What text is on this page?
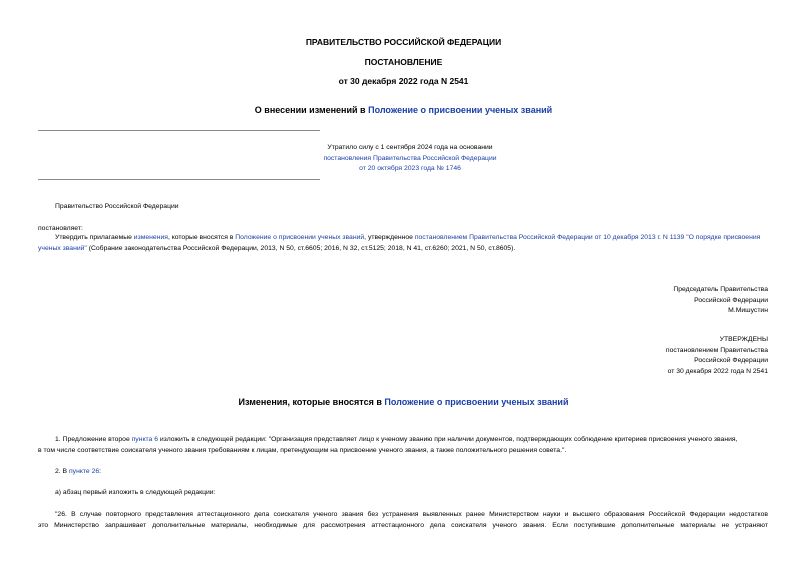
ПРАВИТЕЛЬСТВО РОССИЙСКОЙ ФЕДЕРАЦИИ
ПОСТАНОВЛЕНИЕ
от 30 декабря 2022 года N 2541
О внесении изменений в Положение о присвоении ученых званий
Утратило силу с 1 сентября 2024 года на основании
постановления Правительства Российской Федерации
от 20 октября 2023 года № 1746
Правительство Российской Федерации
постановляет:
Утвердить прилагаемые изменения, которые вносятся в Положение о присвоении ученых званий, утвержденное постановлением Правительства Российской Федерации от 10 декабря 2013 г. N 1139 "О порядке присвоения ученых званий" (Собрание законодательства Российской Федерации, 2013, N 50, ст.6605; 2016, N 32, ст.5125; 2018, N 41, ст.6260; 2021, N 50, ст.8605).
Председатель Правительства
Российской Федерации
М.Мишустин
УТВЕРЖДЕНЫ
постановлением Правительства
Российской Федерации
от 30 декабря 2022 года N 2541
Изменения, которые вносятся в Положение о присвоении ученых званий
1. Предложение второе пункта 6 изложить в следующей редакции: "Организация представляет лицо к ученому званию при наличии документов, подтверждающих соблюдение критериев присвоения ученого звания,
в том числе соответствие соискателя ученого звания требованиям к лицам, претендующим на присвоение ученого звания, а также положительного решения совета.".
2. В пункте 26:
а) абзац первый изложить в следующей редакции:
"26. В случае повторного представления аттестационного дела соискателя ученого звания без устранения выявленных ранее Министерством науки и высшего образования Российской Федерации недостатков
это Министерство запрашивает дополнительные материалы, необходимые для рассмотрения аттестационного дела соискателя ученого звания. Если поступившие дополнительные материалы не устраняют
